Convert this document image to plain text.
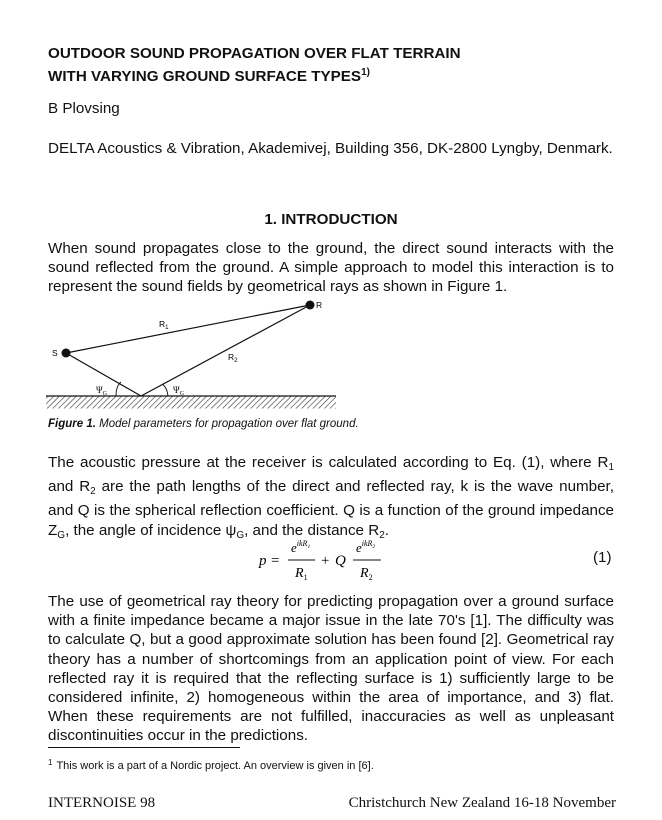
OUTDOOR SOUND PROPAGATION OVER FLAT TERRAIN
WITH VARYING GROUND SURFACE TYPES$^{1)}$
B Plovsing
DELTA Acoustics & Vibration, Akademivej, Building 356, DK-2800 Lyngby, Denmark.
1. INTRODUCTION
When sound propagates close to the ground, the direct sound interacts with the sound reflected from the ground. A simple approach to model this interaction is to represent the sound fields by geometrical rays as shown in Figure 1.
S
R
$R_1$
$R_2$
$\Psi_G$	$\Psi_G$
Figure 1. Model parameters for propagation over flat ground.
The acoustic pressure at the receiver is calculated according to Eq. (1), where $R_1$ and $R_2$ are the path lengths of the direct and reflected ray, k is the wave number, and Q is the spherical reflection coefficient. Q is a function of the ground impedance $Z_G$, the angle of incidence $\psi_G$, and the distance $R_2$.
p =
$e^{ikR}1$
$R_1$
+ Q
$e^{ikR}2$
$R_2$
(1)
The use of geometrical ray theory for predicting propagation over a ground surface with a finite impedance became a major issue in the late 70's [1]. The difficulty was to calculate Q, but a good approximate solution has been found [2]. Geometrical ray theory has a number of shortcomings from an application point of view. For each reflected ray it is required that the reflecting surface is 1) sufficiently large to be considered infinite, 2) homogeneous within the area of importance, and 3) flat. When these requirements are not fulfilled, inaccuracies as well as unpleasant discontinuities occur in the predictions.
$^1$ This work is a part of a Nordic project. An overview is given in [6].
INTERNOISE 98	Christchurch New Zealand 16-18 November
